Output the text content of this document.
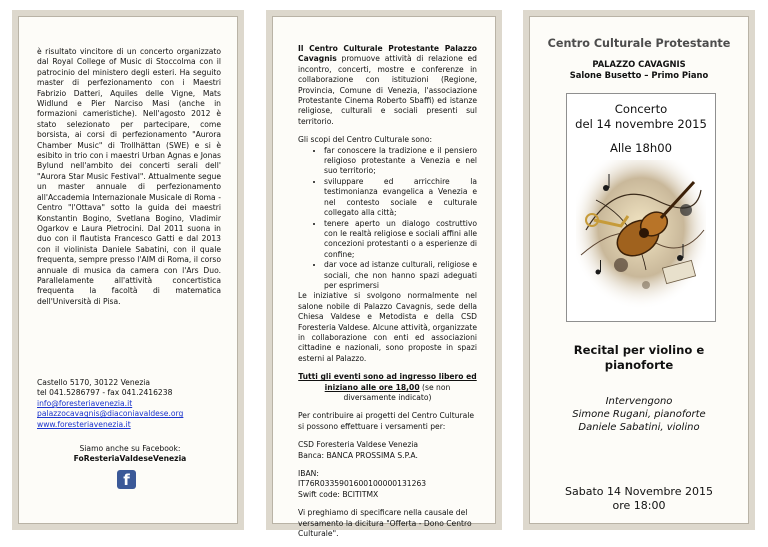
è risultato vincitore di un concerto organizzato dal Royal College of Music di Stoccolma con il patrocinio del ministero degli esteri. Ha seguito master di perfezionamento con i Maestri Fabrizio Datteri, Aquiles delle Vigne, Mats Widlund e Pier Narciso Masi (anche in formazioni cameristiche). Nell'agosto 2012 è stato selezionato per partecipare, come borsista, ai corsi di perfezionamento "Aurora Chamber Music" di Trollhättan (SWE) e si è esibito in trio con i maestri Urban Agnas e Jonas Bylund nell'ambito dei concerti serali dell' "Aurora Star Music Festival". Attualmente segue un master annuale di perfezionamento all'Accademia Internazionale Musicale di Roma - Centro "l'Ottava" sotto la guida dei maestri Konstantin Bogino, Svetlana Bogino, Vladimir Ogarkov e Laura Pietrocini. Dal 2011 suona in duo con il flautista Francesco Gatti e dal 2013 con il violinista Daniele Sabatini, con il quale frequenta, sempre presso l'AIM di Roma, il corso annuale di musica da camera con l'Ars Duo. Parallelamente all'attività concertistica frequenta la facoltà di matematica dell'Università di Pisa.
Castello 5170, 30122 Venezia
tel 041.5286797 - fax 041.2416238
info@foresteriavenezia.it
palazzocavagnis@diaconiavaldese.org
www.foresteriavenezia.it
Siamo anche su Facebook:
FoResteriaValdeseVenezia
f

Il Centro Culturale Protestante Palazzo Cavagnis promuove attività di relazione ed incontro, concerti, mostre e conferenze in collaborazione con istituzioni (Regione, Provincia, Comune di Venezia, l'associazione Protestante Cinema Roberto Sbaffi) ed istanze religiose, culturali e sociali presenti sul territorio.

Gli scopi del Centro Culturale sono:
• far conoscere la tradizione e il pensiero religioso protestante a Venezia e nel suo territorio;
• sviluppare ed arricchire la testimonianza evangelica a Venezia e nel contesto sociale e culturale collegato alla città;
• tenere aperto un dialogo costruttivo con le realtà religiose e sociali affini alle concezioni protestanti o a esperienze di confine;
• dar voce ad istanze culturali, religiose e sociali, che non hanno spazi adeguati per esprimersi

Le iniziative si svolgono normalmente nel salone nobile di Palazzo Cavagnis, sede della Chiesa Valdese e Metodista e della CSD Foresteria Valdese. Alcune attività, organizzate in collaborazione con enti ed associazioni cittadine e nazionali, sono proposte in spazi esterni al Palazzo.

Tutti gli eventi sono ad ingresso libero ed iniziano alle ore 18,00 (se non diversamente indicato)

Per contribuire ai progetti del Centro Culturale si possono effettuare i versamenti per:

CSD Foresteria Valdese Venezia
Banca: BANCA PROSSIMA S.P.A.

IBAN:
IT76R0335901600100000131263
Swift code: BCITITMX

Vi preghiamo di specificare nella causale del versamento la dicitura "Offerta - Dono Centro Culturale".

Centro Culturale Protestante
PALAZZO CAVAGNIS
Salone Busetto – Primo Piano
Concerto
del 14 novembre 2015
Alle 18h00
Recital per violino e
pianoforte
Intervengono
Simone Rugani, pianoforte
Daniele Sabatini, violino
Sabato 14 Novembre 2015
ore 18:00
